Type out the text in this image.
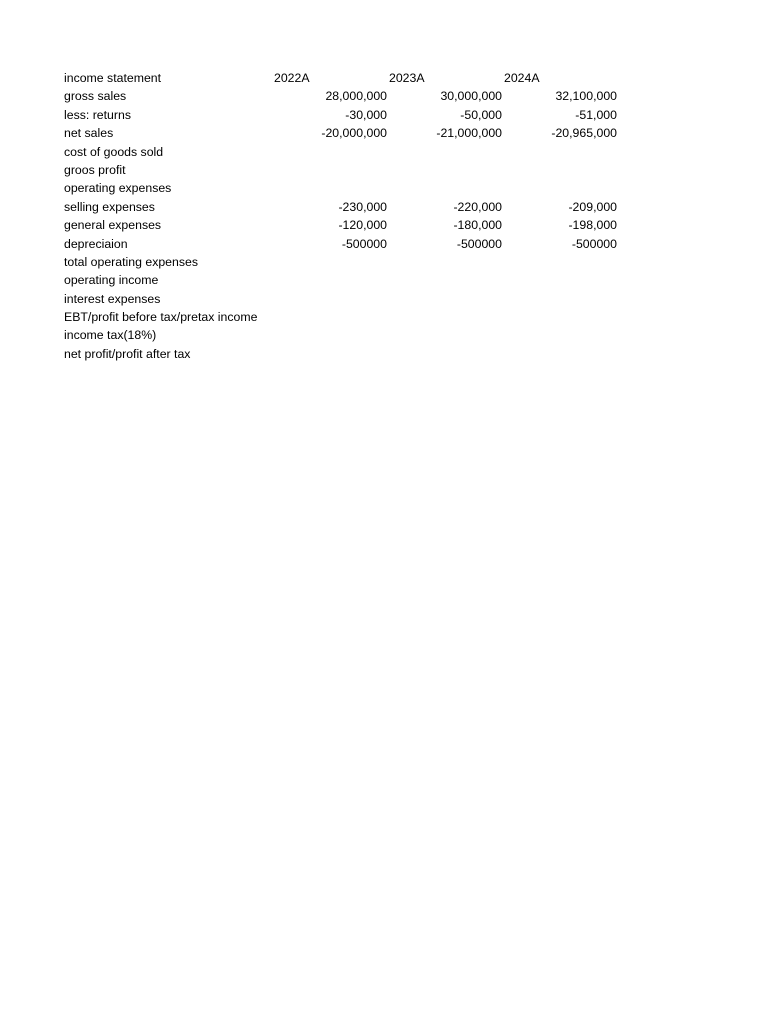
income statement	2022A	2023A	2024A
gross sales	28,000,000	30,000,000	32,100,000
less: returns	-30,000	-50,000	-51,000
net sales	-20,000,000	-21,000,000	-20,965,000
cost of goods sold
groos profit
operating expenses
selling expenses	-230,000	-220,000	-209,000
general expenses	-120,000	-180,000	-198,000
depreciaion	-500000	-500000	-500000
total operating expenses
operating income
interest expenses
EBT/profit before tax/pretax income
income tax(18%)
net profit/profit after tax
